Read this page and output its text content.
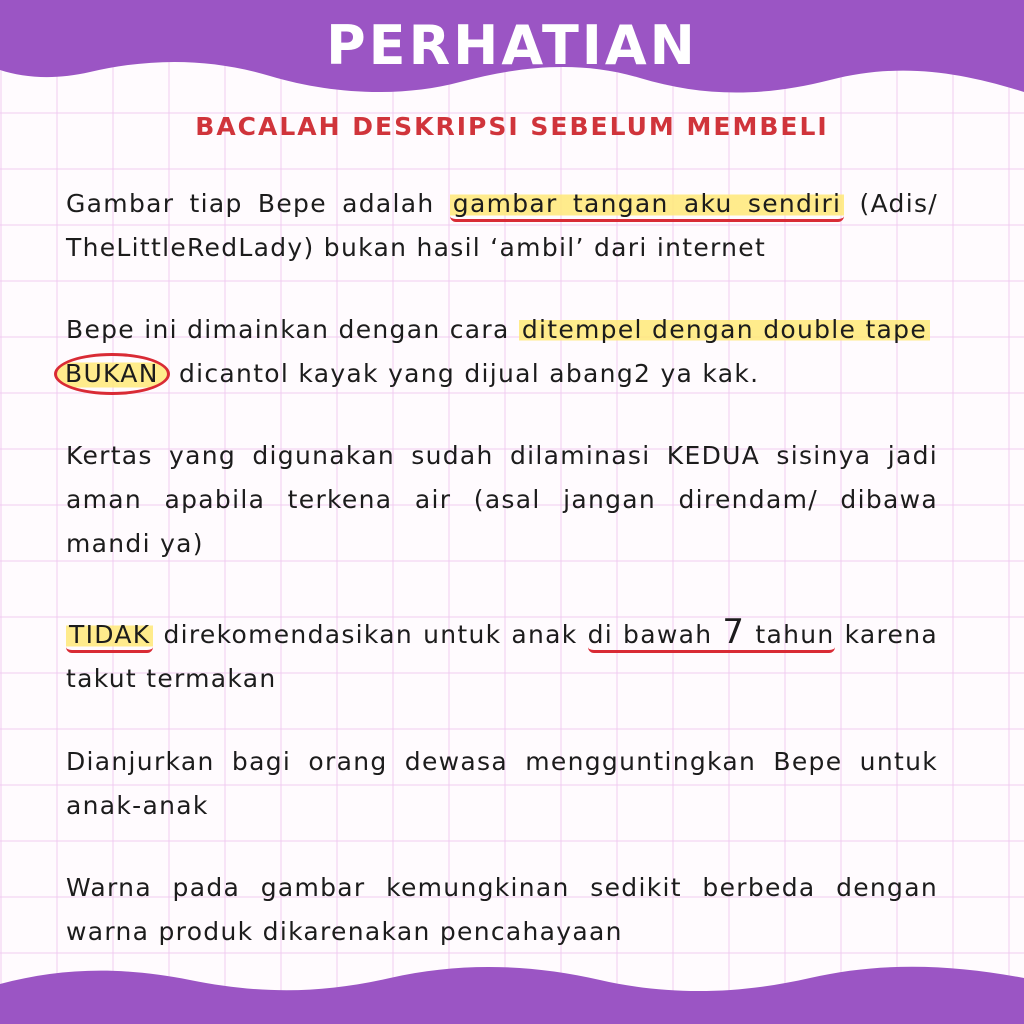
PERHATIAN
BACALAH DESKRIPSI SEBELUM MEMBELI

Gambar tiap Bepe adalah gambar tangan aku sendiri (Adis/ TheLittleRedLady) bukan hasil ‘ambil’ dari internet

Bepe ini dimainkan dengan cara ditempel dengan double tape
BUKAN dicantol kayak yang dijual abang2 ya kak.

Kertas yang digunakan sudah dilaminasi KEDUA sisinya jadi aman apabila terkena air (asal jangan direndam/ dibawa mandi ya)

TIDAK direkomendasikan untuk anak di bawah 7 tahun karena takut termakan

Dianjurkan bagi orang dewasa mengguntingkan Bepe untuk anak-anak

Warna pada gambar kemungkinan sedikit berbeda dengan warna produk dikarenakan pencahayaan
